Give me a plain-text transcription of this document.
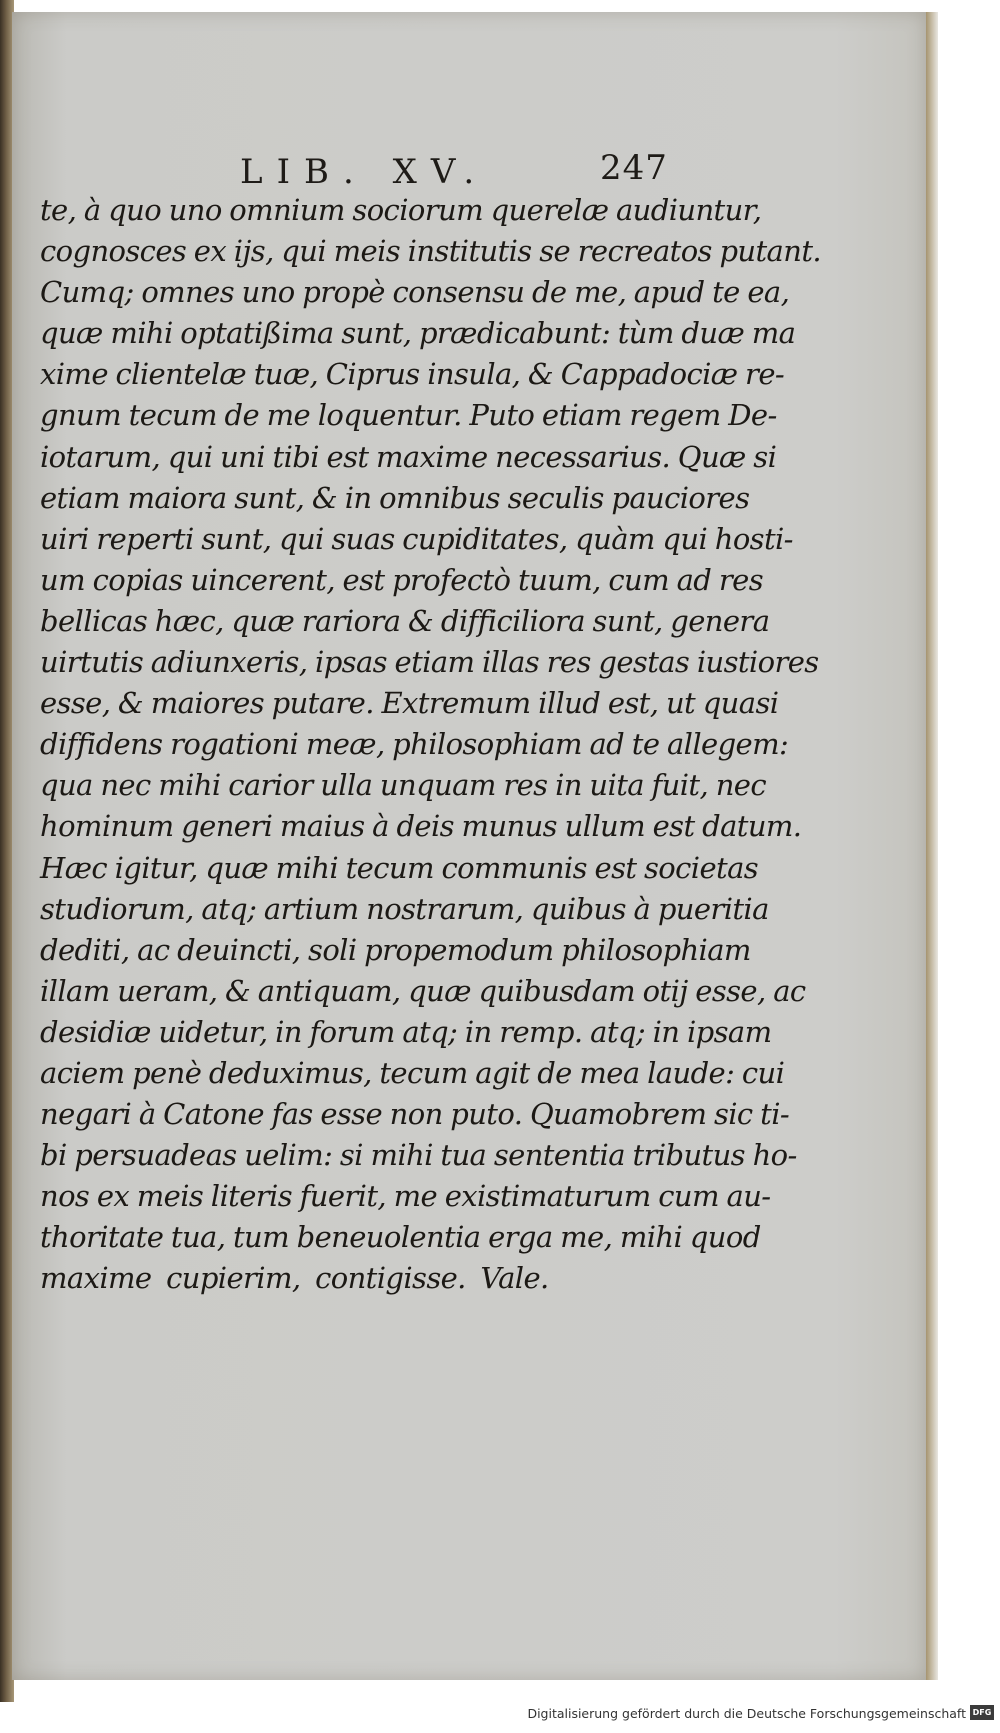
LIB. XV.	247
te, à quo uno omnium sociorum querelæ audiuntur,
cognosces ex ijs, qui meis institutis se recreatos putant.
Cumq; omnes uno propè consensu de me, apud te ea,
quæ mihi optatißima sunt, prædicabunt: tùm duæ ma
xime clientelæ tuæ, Ciprus insula, & Cappadociæ re-
gnum tecum de me loquentur. Puto etiam regem De-
iotarum, qui uni tibi est maxime necessarius. Quæ si
etiam maiora sunt, & in omnibus seculis pauciores
uiri reperti sunt, qui suas cupiditates, quàm qui hosti-
um copias uincerent, est profectò tuum, cum ad res
bellicas hæc, quæ rariora & difficiliora sunt, genera
uirtutis adiunxeris, ipsas etiam illas res gestas iustiores
esse, & maiores putare. Extremum illud est, ut quasi
diffidens rogationi meæ, philosophiam ad te allegem:
qua nec mihi carior ulla unquam res in uita fuit, nec
hominum generi maius à deis munus ullum est datum.
Hæc igitur, quæ mihi tecum communis est societas
studiorum, atq; artium nostrarum, quibus à pueritia
dediti, ac deuincti, soli propemodum philosophiam
illam ueram, & antiquam, quæ quibusdam otij esse, ac
desidiæ uidetur, in forum atq; in remp. atq; in ipsam
aciem penè deduximus, tecum agit de mea laude: cui
negari à Catone fas esse non puto. Quamobrem sic ti-
bi persuadeas uelim: si mihi tua sententia tributus ho-
nos ex meis literis fuerit, me existimaturum cum au-
thoritate tua, tum beneuolentia erga me, mihi quod
maxime cupierim, contigisse. Vale.
Digitalisierung gefördert durch die Deutsche Forschungsgemeinschaft DFG
